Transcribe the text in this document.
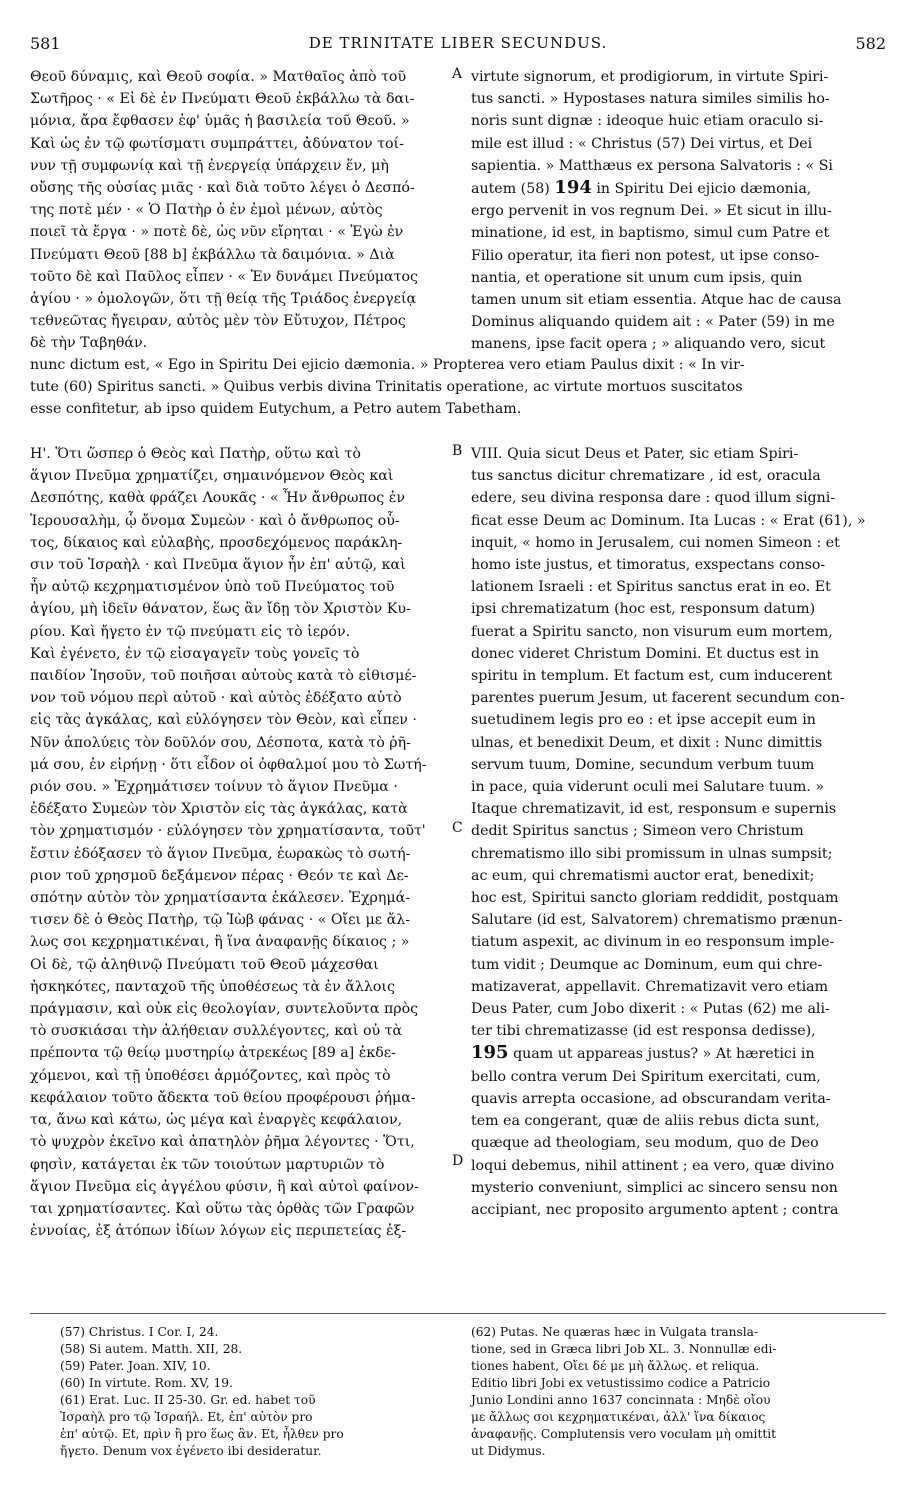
581	DE TRINITATE LIBER SECUNDUS.	582

Θεοῦ δύναμις, καὶ Θεοῦ σοφία. » Ματθαῖος ἀπὸ τοῦ

Σωτῆρος · « Εἰ δὲ ἐν Πνεύματι Θεοῦ ἐκβάλλω τὰ δαι-

μόνια, ἄρα ἔφθασεν ἐφ' ὑμᾶς ἡ βασιλεία τοῦ Θεοῦ. »

Καὶ ὡς ἐν τῷ φωτίσματι συμπράττει, ἀδύνατον τοί-

νυν τῇ συμφωνίᾳ καὶ τῇ ἐνεργείᾳ ὑπάρχειν ἕν, μὴ

οὔσης τῆς οὐσίας μιᾶς · καὶ διὰ τοῦτο λέγει ὁ Δεσπό-

της ποτὲ μέν · « Ὁ Πατὴρ ὁ ἐν ἐμοὶ μένων, αὐτὸς

ποιεῖ τὰ ἔργα · » ποτὲ δὲ, ὡς νῦν εἴρηται · « Ἐγὼ ἐν

Πνεύματι Θεοῦ [88 b] ἐκβάλλω τὰ δαιμόνια. » Διὰ

τοῦτο δὲ καὶ Παῦλος εἶπεν · « Ἐν δυνάμει Πνεύματος

ἁγίου · » ὁμολογῶν, ὅτι τῇ θείᾳ τῆς Τριάδος ἐνεργείᾳ

τεθνεῶτας ἤγειραν, αὐτὸς μὲν τὸν Εὔτυχον, Πέτρος

δὲ τὴν Ταβηθάν.

virtute signorum, et prodigiorum, in virtute Spiri-

tus sancti. » Hypostases natura similes similis ho-

noris sunt dignæ : ideoque huic etiam oraculo si-

mile est illud : « Christus (57) Dei virtus, et Dei

sapientia. » Matthæus ex persona Salvatoris : « Si

autem (58) 194 in Spiritu Dei ejicio dæmonia,

ergo pervenit in vos regnum Dei. » Et sicut in illu-

minatione, id est, in baptismo, simul cum Patre et

Filio operatur, ita fieri non potest, ut ipse conso-

nantia, et operatione sit unum cum ipsis, quin

tamen unum sit etiam essentia. Atque hac de causa

Dominus aliquando quidem ait : « Pater (59) in me

manens, ipse facit opera ; » aliquando vero, sicut

nunc dictum est, « Ego in Spiritu Dei ejicio dæmonia. » Propterea vero etiam Paulus dixit : « In vir-

tute (60) Spiritus sancti. » Quibus verbis divina Trinitatis operatione, ac virtute mortuos suscitatos

esse confitetur, ab ipso quidem Eutychum, a Petro autem Tabetham.

Η'. Ὅτι ὥσπερ ὁ Θεὸς καὶ Πατὴρ, οὕτω καὶ τὸ

ἅγιον Πνεῦμα χρηματίζει, σημαινόμενον Θεὸς καὶ

Δεσπότης, καθὰ φράζει Λουκᾶς · « Ἦν ἄνθρωπος ἐν

Ἱερουσαλὴμ, ᾧ ὄνομα Συμεὼν · καὶ ὁ ἄνθρωπος οὗ-

τος, δίκαιος καὶ εὐλαβὴς, προσδεχόμενος παράκλη-

σιν τοῦ Ἰσραὴλ · καὶ Πνεῦμα ἅγιον ἦν ἐπ' αὐτῷ, καὶ

ἦν αὐτῷ κεχρηματισμένον ὑπὸ τοῦ Πνεύματος τοῦ

ἁγίου, μὴ ἰδεῖν θάνατον, ἕως ἂν ἴδῃ τὸν Χριστὸν Κυ-

ρίου. Καὶ ἤγετο ἐν τῷ πνεύματι εἰς τὸ ἱερόν.

Καὶ ἐγένετο, ἐν τῷ εἰσαγαγεῖν τοὺς γονεῖς τὸ

παιδίον Ἰησοῦν, τοῦ ποιῆσαι αὐτοὺς κατὰ τὸ εἰθισμέ-

νον τοῦ νόμου περὶ αὐτοῦ · καὶ αὐτὸς ἐδέξατο αὐτὸ

εἰς τὰς ἀγκάλας, καὶ εὐλόγησεν τὸν Θεὸν, καὶ εἶπεν ·

Νῦν ἀπολύεις τὸν δοῦλόν σου, Δέσποτα, κατὰ τὸ ῥῆ-

μά σου, ἐν εἰρήνῃ · ὅτι εἶδον οἱ ὀφθαλμοί μου τὸ Σωτή-

ριόν σου. » Ἐχρημάτισεν τοίνυν τὸ ἅγιον Πνεῦμα ·

ἐδέξατο Συμεὼν τὸν Χριστὸν εἰς τὰς ἀγκάλας, κατὰ

τὸν χρηματισμόν · εὐλόγησεν τὸν χρηματίσαντα, τοῦτ'

ἔστιν ἐδόξασεν τὸ ἅγιον Πνεῦμα, ἑωρακὼς τὸ σωτή-

ριον τοῦ χρησμοῦ δεξάμενον πέρας · Θεόν τε καὶ Δε-

σπότην αὐτὸν τὸν χρηματίσαντα ἐκάλεσεν. Ἐχρημά-

τισεν δὲ ὁ Θεὸς Πατὴρ, τῷ Ἰὼβ φάνας · « Οἴει με ἄλ-

λως σοι κεχρηματικέναι, ἢ ἵνα ἀναφανῇς δίκαιος ; »

Οἱ δὲ, τῷ ἀληθινῷ Πνεύματι τοῦ Θεοῦ μάχεσθαι

ἠσκηκότες, πανταχοῦ τῆς ὑποθέσεως τὰ ἐν ἄλλοις

πράγμασιν, καὶ οὐκ εἰς θεολογίαν, συντελοῦντα πρὸς

τὸ συσκιάσαι τὴν ἀλήθειαν συλλέγοντες, καὶ οὐ τὰ

πρέποντα τῷ θείῳ μυστηρίῳ ἀτρεκέως [89 a] ἐκδε-

χόμενοι, καὶ τῇ ὑποθέσει ἁρμόζοντες, καὶ πρὸς τὸ

κεφάλαιον τοῦτο ἄδεκτα τοῦ θείου προφέρουσι ῥήμα-

τα, ἄνω καὶ κάτω, ὡς μέγα καὶ ἐναργὲς κεφάλαιον,

τὸ ψυχρὸν ἐκεῖνο καὶ ἀπατηλὸν ῥῆμα λέγοντες · Ὅτι,

φησὶν, κατάγεται ἐκ τῶν τοιούτων μαρτυριῶν τὸ

ἅγιον Πνεῦμα εἰς ἀγγέλου φύσιν, ἢ καὶ αὐτοὶ φαίνον-

ται χρηματίσαντες. Καὶ οὕτω τὰς ὀρθὰς τῶν Γραφῶν

ἐννοίας, ἐξ ἀτόπων ἰδίων λόγων εἰς περιπετείας ἐξ-

VIII. Quia sicut Deus et Pater, sic etiam Spiri-

tus sanctus dicitur chrematizare , id est, oracula

edere, seu divina responsa dare : quod illum signi-

ficat esse Deum ac Dominum. Ita Lucas : « Erat (61), »

inquit, « homo in Jerusalem, cui nomen Simeon : et

homo iste justus, et timoratus, exspectans conso-

lationem Israeli : et Spiritus sanctus erat in eo. Et

ipsi chrematizatum (hoc est, responsum datum)

fuerat a Spiritu sancto, non visurum eum mortem,

donec videret Christum Domini. Et ductus est in

spiritu in templum. Et factum est, cum inducerent

parentes puerum Jesum, ut facerent secundum con-

suetudinem legis pro eo : et ipse accepit eum in

ulnas, et benedixit Deum, et dixit : Nunc dimittis

servum tuum, Domine, secundum verbum tuum

in pace, quia viderunt oculi mei Salutare tuum. »

Itaque chrematizavit, id est, responsum e supernis

dedit Spiritus sanctus ; Simeon vero Christum

chrematismo illo sibi promissum in ulnas sumpsit;

ac eum, qui chrematismi auctor erat, benedixit;

hoc est, Spiritui sancto gloriam reddidit, postquam

Salutare (id est, Salvatorem) chrematismo prænun-

tiatum aspexit, ac divinum in eo responsum imple-

tum vidit ; Deumque ac Dominum, eum qui chre-

matizaverat, appellavit. Chrematizavit vero etiam

Deus Pater, cum Jobo dixerit : « Putas (62) me ali-

ter tibi chrematizasse (id est responsa dedisse),

195 quam ut appareas justus? » At hæretici in

bello contra verum Dei Spiritum exercitati, cum,

quavis arrepta occasione, ad obscurandam verita-

tem ea congerant, quæ de aliis rebus dicta sunt,

quæque ad theologiam, seu modum, quo de Deo

loqui debemus, nihil attinent ; ea vero, quæ divino

mysterio conveniunt, simplici ac sincero sensu non

accipiant, nec proposito argumento aptent ; contra

A
B
C
D

(57) Christus. I Cor. I, 24.

(58) Si autem. Matth. XII, 28.

(59) Pater. Joan. XIV, 10.

(60) In virtute. Rom. XV, 19.

(61) Erat. Luc. II 25-30. Gr. ed. habet τοῦ

Ἰσραὴλ pro τῷ Ἰσραήλ. Et, ἐπ' αὐτὸν pro

ἐπ' αὐτῷ. Et, πρὶν ἢ pro ἕως ἂν. Et, ἦλθεν pro

ἤγετο. Denum vox ἐγένετο ibi desideratur.

(62) Putas. Ne quæras hæc in Vulgata transla-

tione, sed in Græca libri Job XL. 3. Nonnullæ edi-

tiones habent, Οἴει δέ με μὴ ἄλλως. et reliqua.

Editio libri Jobi ex vetustissimo codice a Patricio

Junio Londini anno 1637 concinnata : Μηδὲ οἴου

με ἄλλως σοι κεχρηματικέναι, ἀλλ' ἵνα δίκαιος

ἀναφανῇς. Complutensis vero voculam μὴ omittit

ut Didymus.
